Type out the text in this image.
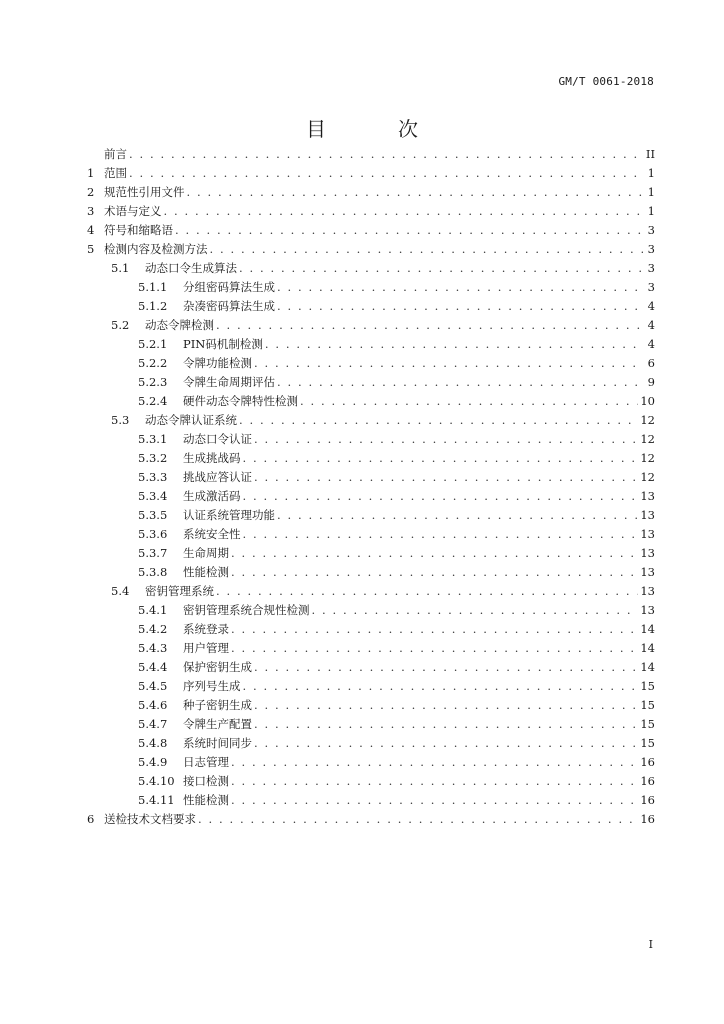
GM/T 0061-2018
目　次
前言 . . .	II
1 范围 . . .	1
2 规范性引用文件 . . .	1
3 术语与定义 . . .	1
4 符号和缩略语 . . .	3
5 检测内容及检测方法 . . .	3
5.1	动态口令生成算法 . . .	3
5.1.1	分组密码算法生成 . . .	3
5.1.2	杂凑密码算法生成 . . .	4
5.2	动态令牌检测 . . .	4
5.2.1	PIN码机制检测 . . .	4
5.2.2	令牌功能检测 . . .	6
5.2.3	令牌生命周期评估 . . .	9
5.2.4	硬件动态令牌特性检测 . . .	10
5.3	动态令牌认证系统 . . .	12
5.3.1	动态口令认证 . . .	12
5.3.2	生成挑战码 . . .	12
5.3.3	挑战应答认证 . . .	12
5.3.4	生成激活码 . . .	13
5.3.5	认证系统管理功能 . . .	13
5.3.6	系统安全性 . . .	13
5.3.7	生命周期 . . .	13
5.3.8	性能检测 . . .	13
5.4	密钥管理系统 . . .	13
5.4.1	密钥管理系统合规性检测 . . .	13
5.4.2	系统登录 . . .	14
5.4.3	用户管理 . . .	14
5.4.4	保护密钥生成 . . .	14
5.4.5	序列号生成 . . .	15
5.4.6	种子密钥生成 . . .	15
5.4.7	令牌生产配置 . . .	15
5.4.8	系统时间同步 . . .	15
5.4.9	日志管理 . . .	16
5.4.10 接口检测 . . .	16
5.4.11 性能检测 . . .	16
6 送检技术文档要求 . . .	16
I
